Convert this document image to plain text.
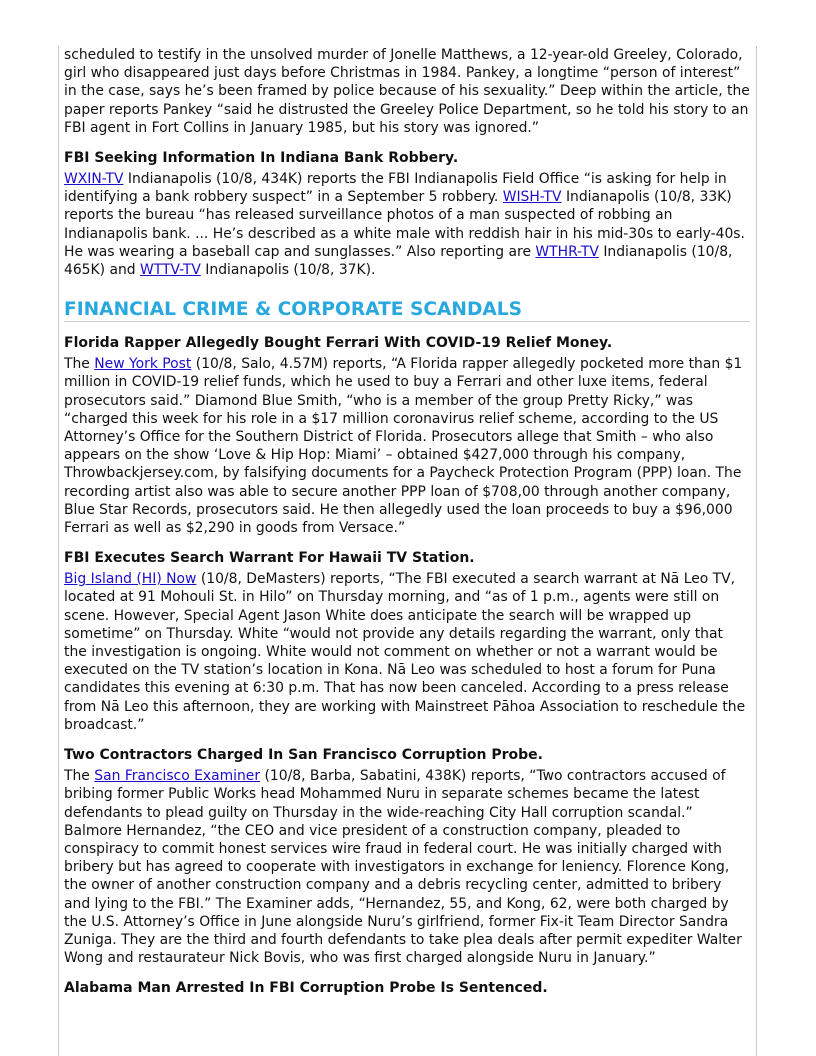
scheduled to testify in the unsolved murder of Jonelle Matthews, a 12-year-old Greeley, Colorado, girl who disappeared just days before Christmas in 1984. Pankey, a longtime “person of interest” in the case, says he’s been framed by police because of his sexuality.” Deep within the article, the paper reports Pankey “said he distrusted the Greeley Police Department, so he told his story to an FBI agent in Fort Collins in January 1985, but his story was ignored.”

FBI Seeking Information In Indiana Bank Robbery.

WXIN-TV Indianapolis (10/8, 434K) reports the FBI Indianapolis Field Office “is asking for help in identifying a bank robbery suspect” in a September 5 robbery. WISH-TV Indianapolis (10/8, 33K) reports the bureau “has released surveillance photos of a man suspected of robbing an Indianapolis bank. ... He’s described as a white male with reddish hair in his mid-30s to early-40s. He was wearing a baseball cap and sunglasses.” Also reporting are WTHR-TV Indianapolis (10/8, 465K) and WTTV-TV Indianapolis (10/8, 37K).

FINANCIAL CRIME & CORPORATE SCANDALS
Florida Rapper Allegedly Bought Ferrari With COVID-19 Relief Money.

The New York Post (10/8, Salo, 4.57M) reports, “A Florida rapper allegedly pocketed more than $1 million in COVID-19 relief funds, which he used to buy a Ferrari and other luxe items, federal prosecutors said.” Diamond Blue Smith, “who is a member of the group Pretty Ricky,” was “charged this week for his role in a $17 million coronavirus relief scheme, according to the US Attorney’s Office for the Southern District of Florida. Prosecutors allege that Smith – who also appears on the show ‘Love & Hip Hop: Miami’ – obtained $427,000 through his company, Throwbackjersey.com, by falsifying documents for a Paycheck Protection Program (PPP) loan. The recording artist also was able to secure another PPP loan of $708,00 through another company, Blue Star Records, prosecutors said. He then allegedly used the loan proceeds to buy a $96,000 Ferrari as well as $2,290 in goods from Versace.”

FBI Executes Search Warrant For Hawaii TV Station.

Big Island (HI) Now (10/8, DeMasters) reports, “The FBI executed a search warrant at Nā Leo TV, located at 91 Mohouli St. in Hilo” on Thursday morning, and “as of 1 p.m., agents were still on scene. However, Special Agent Jason White does anticipate the search will be wrapped up sometime” on Thursday. White “would not provide any details regarding the warrant, only that the investigation is ongoing. White would not comment on whether or not a warrant would be executed on the TV station’s location in Kona. Nā Leo was scheduled to host a forum for Puna candidates this evening at 6:30 p.m. That has now been canceled. According to a press release from Nā Leo this afternoon, they are working with Mainstreet Pāhoa Association to reschedule the broadcast.”

Two Contractors Charged In San Francisco Corruption Probe.

The San Francisco Examiner (10/8, Barba, Sabatini, 438K) reports, “Two contractors accused of bribing former Public Works head Mohammed Nuru in separate schemes became the latest defendants to plead guilty on Thursday in the wide-reaching City Hall corruption scandal.” Balmore Hernandez, “the CEO and vice president of a construction company, pleaded to conspiracy to commit honest services wire fraud in federal court. He was initially charged with bribery but has agreed to cooperate with investigators in exchange for leniency. Florence Kong, the owner of another construction company and a debris recycling center, admitted to bribery and lying to the FBI.” The Examiner adds, “Hernandez, 55, and Kong, 62, were both charged by the U.S. Attorney’s Office in June alongside Nuru’s girlfriend, former Fix-it Team Director Sandra Zuniga. They are the third and fourth defendants to take plea deals after permit expediter Walter Wong and restaurateur Nick Bovis, who was first charged alongside Nuru in January.”

Alabama Man Arrested In FBI Corruption Probe Is Sentenced.
